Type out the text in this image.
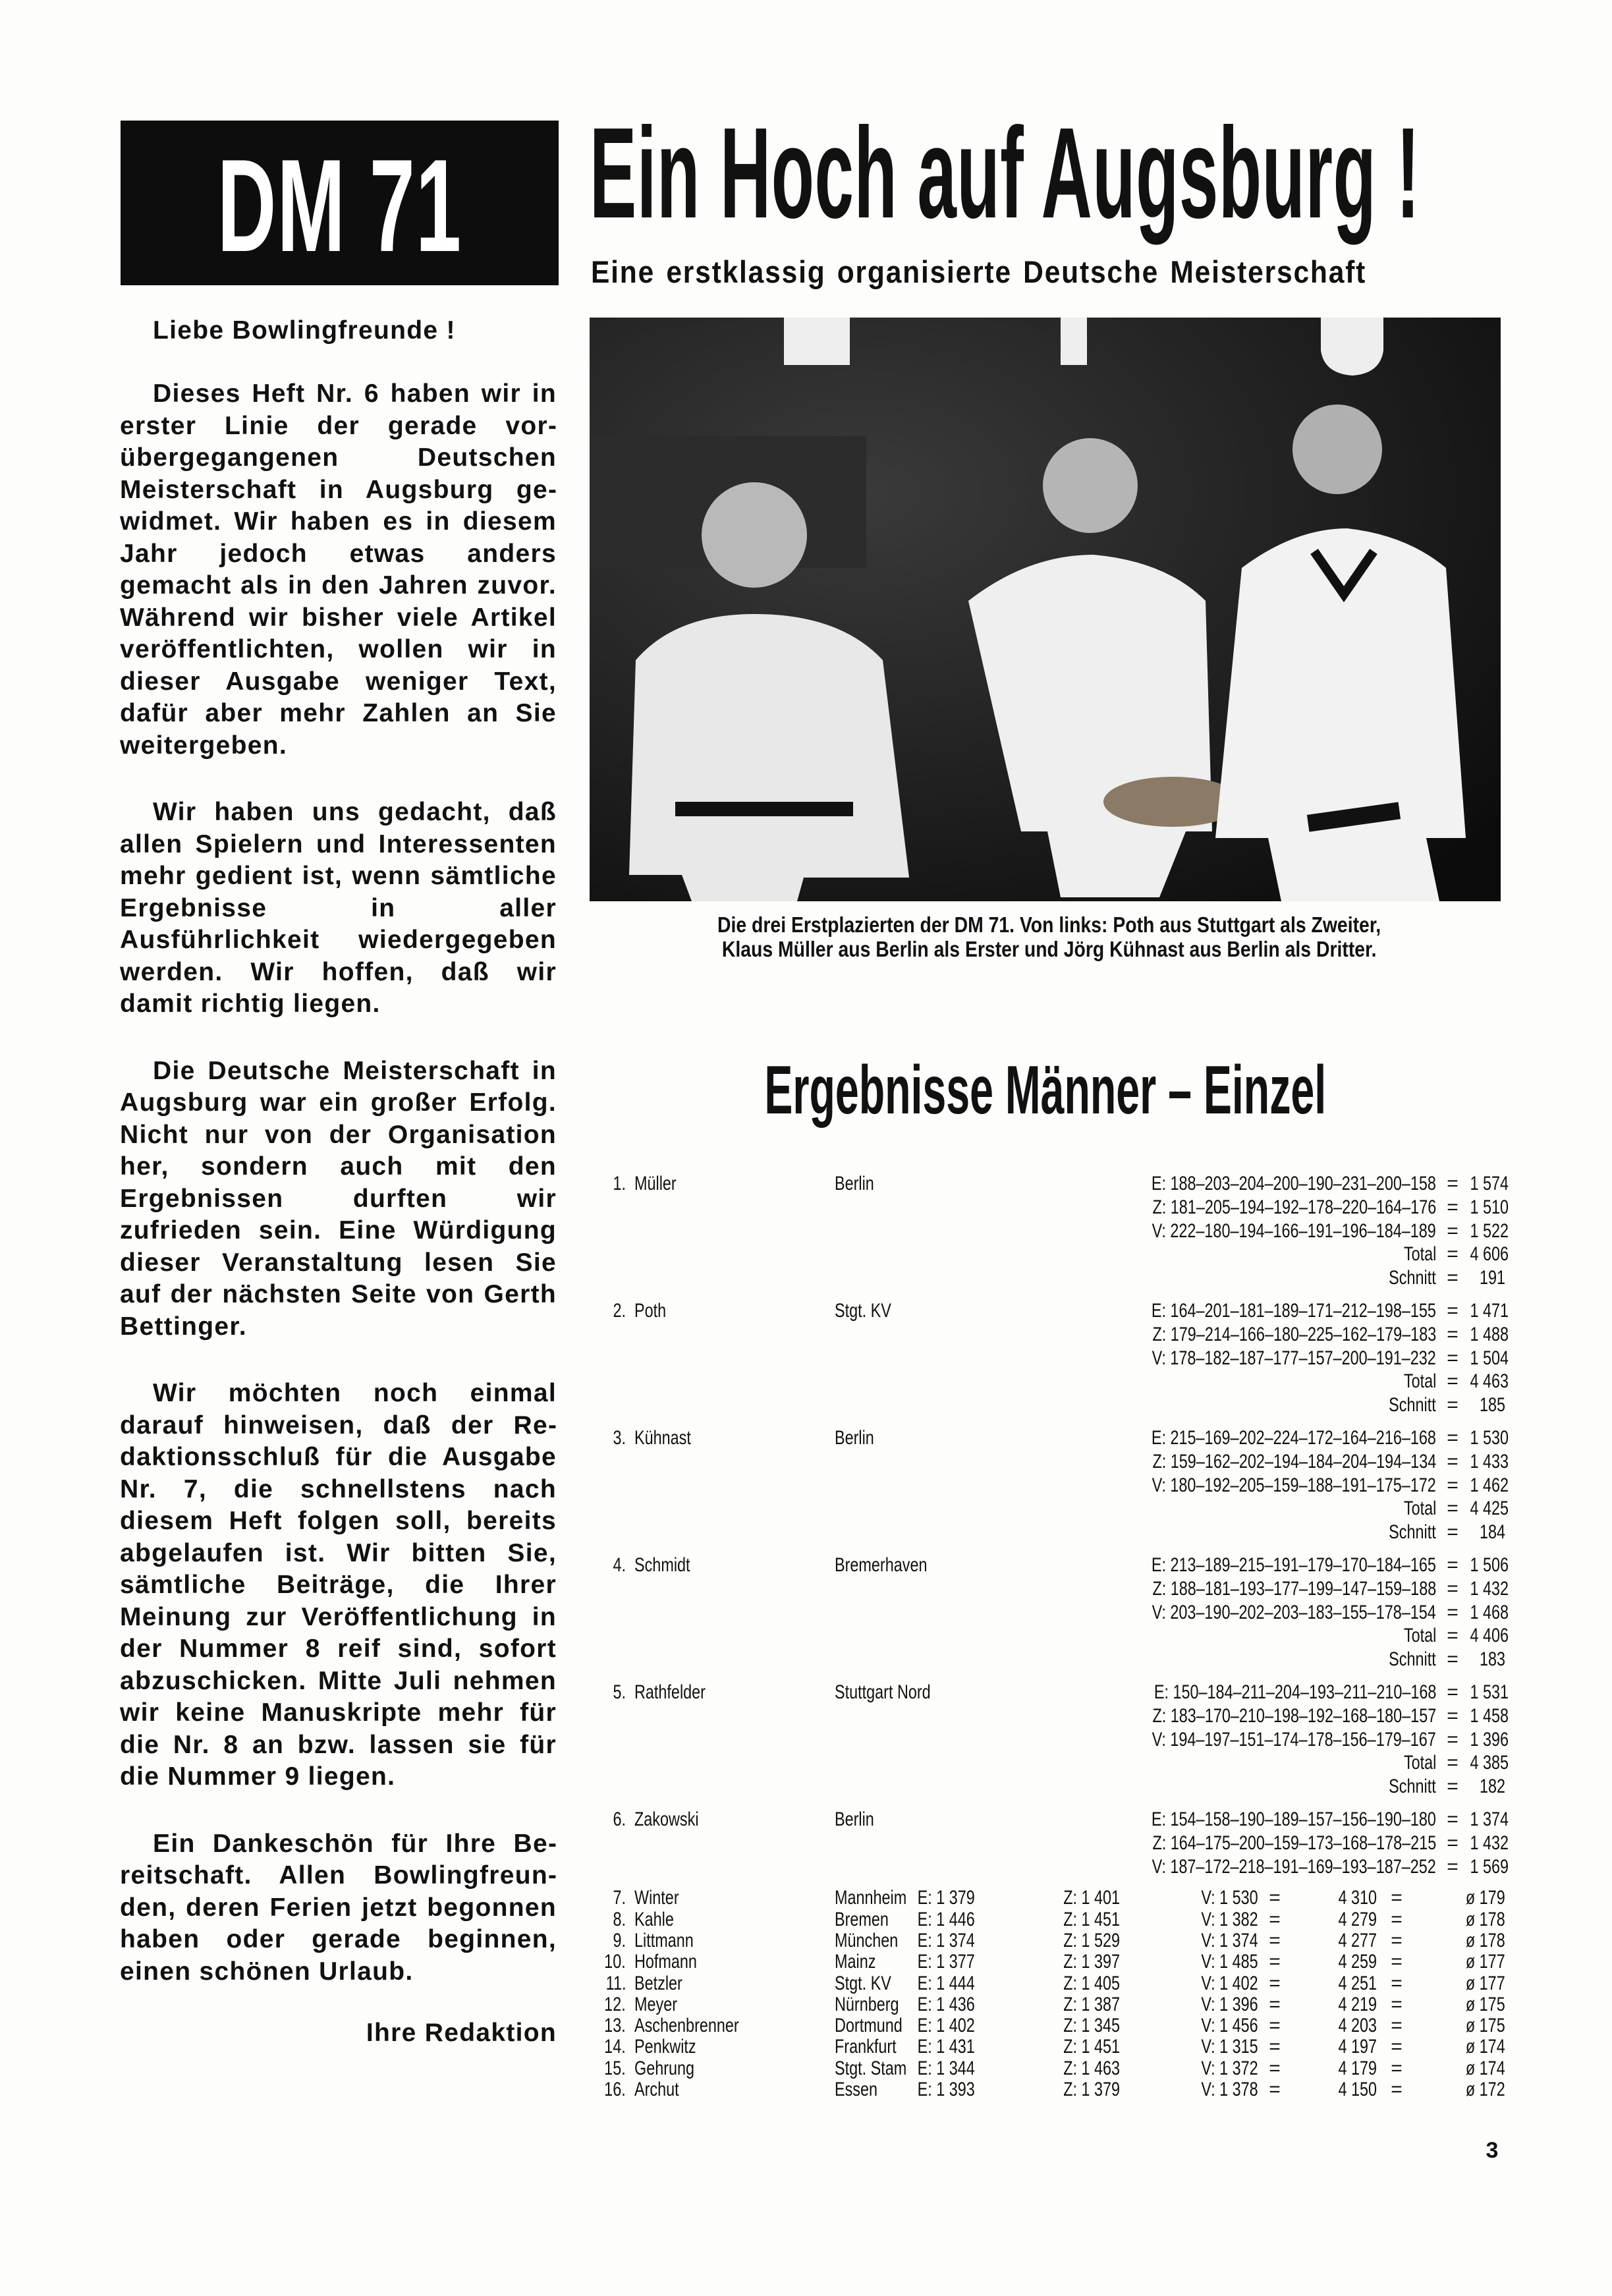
DM 71 Ein Hoch auf Augsburg !
Eine erstklassig organisierte Deutsche Meisterschaft
Liebe Bowlingfreunde !

Dieses Heft Nr. 6 haben wir in erster Linie der gerade vorübergegangenen Deutschen Meisterschaft in Augsburg gewidmet. Wir haben es in diesem Jahr jedoch etwas anders gemacht als in den Jahren zuvor. Während wir bisher viele Artikel veröffentlichten, wollen wir in dieser Ausgabe weniger Text, dafür aber mehr Zahlen an Sie weitergeben.

Wir haben uns gedacht, daß allen Spielern und Interessenten mehr gedient ist, wenn sämtliche Ergebnisse in aller Ausführlichkeit wiedergegeben werden. Wir hoffen, daß wir damit richtig liegen.

Die Deutsche Meisterschaft in Augsburg war ein großer Erfolg. Nicht nur von der Organisation her, sondern auch mit den Ergebnissen durften wir zufrieden sein. Eine Würdigung dieser Veranstaltung lesen Sie auf der nächsten Seite von Gerth Bettinger.

Wir möchten noch einmal darauf hinweisen, daß der Redaktionsschluß für die Ausgabe Nr. 7, die schnellstens nach diesem Heft folgen soll, bereits abgelaufen ist. Wir bitten Sie, sämtliche Beiträge, die Ihrer Meinung zur Veröffentlichung in der Nummer 8 reif sind, sofort abzuschicken. Mitte Juli nehmen wir keine Manuskripte mehr für die Nr. 8 an bzw. lassen sie für die Nummer 9 liegen.

Ein Dankeschön für Ihre Bereitschaft. Allen Bowlingfreunden, deren Ferien jetzt begonnen haben oder gerade beginnen, einen schönen Urlaub.

Ihre Redaktion
Die drei Erstplazierten der DM 71. Von links: Poth aus Stuttgart als Zweiter,
Klaus Müller aus Berlin als Erster und Jörg Kühnast aus Berlin als Dritter.
Ergebnisse Männer – Einzel
1. Müller	Berlin	E: 188–203–204–200–190–231–200–158 = 1 574
Z: 181–205–194–192–178–220–164–176 = 1 510
V: 222–180–194–166–191–196–184–189 = 1 522
Total = 4 606
Schnitt =	191
2. Poth	Stgt. KV	E: 164–201–181–189–171–212–198–155 = 1 471
Z: 179–214–166–180–225–162–179–183 = 1 488
V: 178–182–187–177–157–200–191–232 = 1 504
Total = 4 463
Schnitt =	185
3. Kühnast	Berlin	E: 215–169–202–224–172–164–216–168 = 1 530
Z: 159–162–202–194–184–204–194–134 = 1 433
V: 180–192–205–159–188–191–175–172 = 1 462
Total = 4 425
Schnitt =	184
4. Schmidt	Bremerhaven	E: 213–189–215–191–179–170–184–165 = 1 506
Z: 188–181–193–177–199–147–159–188 = 1 432
V: 203–190–202–203–183–155–178–154 = 1 468
Total = 4 406
Schnitt =	183
5. Rathfelder	Stuttgart Nord	E: 150–184–211–204–193–211–210–168 = 1 531
Z: 183–170–210–198–192–168–180–157 = 1 458
V: 194–197–151–174–178–156–179–167 = 1 396
Total = 4 385
Schnitt =	182
6. Zakowski	Berlin	E: 154–158–190–189–157–156–190–180 = 1 374
Z: 164–175–200–159–173–168–178–215 = 1 432
V: 187–172–218–191–169–193–187–252 = 1 569
7. Winter	Mannheim E: 1 379	Z: 1 401	V: 1 530 =	4 310 =	ø 179
8. Kahle	Bremen	E: 1 446	Z: 1 451	V: 1 382 =	4 279 =	ø 178
9. Littmann	München E: 1 374	Z: 1 529	V: 1 374 =	4 277 =	ø 178
10. Hofmann	Mainz	E: 1 377	Z: 1 397	V: 1 485 =	4 259 =	ø 177
11. Betzler	Stgt. KV	E: 1 444	Z: 1 405	V: 1 402 =	4 251 =	ø 177
12. Meyer	Nürnberg E: 1 436	Z: 1 387	V: 1 396 =	4 219 =	ø 175
13. Aschenbrenner	Dortmund E: 1 402	Z: 1 345	V: 1 456 =	4 203 =	ø 175
14. Penkwitz	Frankfurt	E: 1 431	Z: 1 451	V: 1 315 =	4 197 =	ø 174
15. Gehrung	Stgt. Stam E: 1 344	Z: 1 463	V: 1 372 =	4 179 =	ø 174
16. Archut	Essen	E: 1 393	Z: 1 379	V: 1 378 =	4 150 =	ø 172
3
